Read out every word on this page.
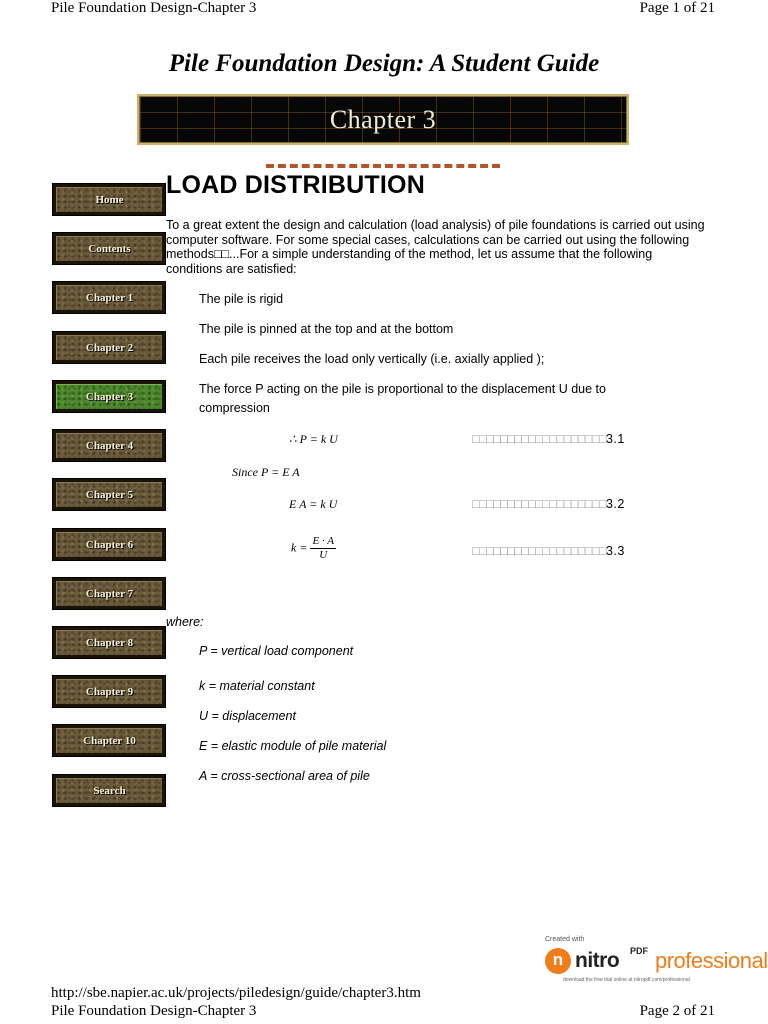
Pile Foundation Design-Chapter 3	Page 1 of 21
Pile Foundation Design: A Student Guide
Chapter 3
LOAD DISTRIBUTION
To a great extent the design and calculation (load analysis) of pile foundations is carried out using computer software. For some special cases, calculations can be carried out using the following methods□□...For a simple understanding of the method, let us assume that the following conditions are satisfied:
The pile is rigid
The pile is pinned at the top and at the bottom
Each pile receives the load only vertically (i.e. axially applied );
The force P acting on the pile is proportional to the displacement U due to compression
∴ P = k U	□□□□□□□□□□□□□□□□□□□3.1
Since P = E A
E A = k U	□□□□□□□□□□□□□□□□□□□3.2
$k = \frac{E \cdot A}{U}$	□□□□□□□□□□□□□□□□□□□3.3
where:
P = vertical load component
k = material constant
U = displacement
E = elastic module of pile material
A = cross-sectional area of pile
Home
Contents
Chapter 1
Chapter 2
Chapter 3
Chapter 4
Chapter 5
Chapter 6
Chapter 7
Chapter 8
Chapter 9
Chapter 10
Search
Created with
n nitro PDF professional
download the free trial online at nitropdf.com/professional
http://sbe.napier.ac.uk/projects/piledesign/guide/chapter3.htm
Pile Foundation Design-Chapter 3	Page 2 of 21
